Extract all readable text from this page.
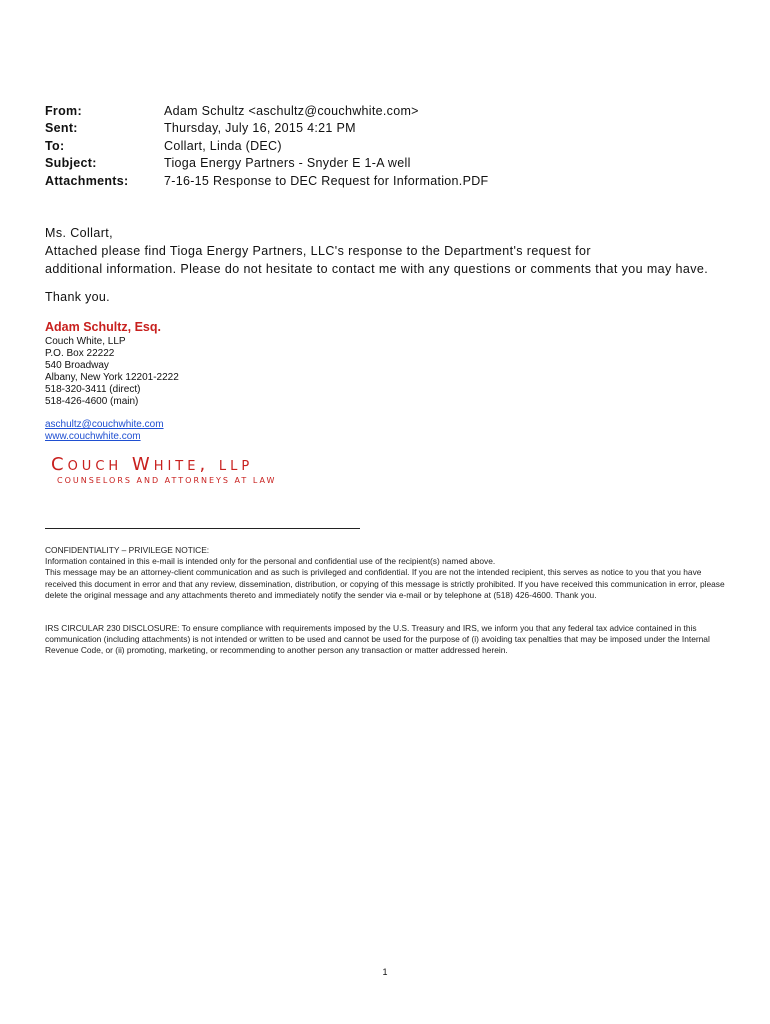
From:	Adam Schultz <aschultz@couchwhite.com>
Sent:	Thursday, July 16, 2015 4:21 PM
To:	Collart, Linda (DEC)
Subject:	Tioga Energy Partners - Snyder E 1-A well
Attachments:	7-16-15 Response to DEC Request for Information.PDF

Ms. Collart,

Attached please find Tioga Energy Partners, LLC's response to the Department's request for

additional information. Please do not hesitate to contact me with any questions or comments that you may have.

Thank you.
Adam Schultz, Esq.
Couch White, LLP
P.O. Box 22222
540 Broadway
Albany, New York 12201-2222
518-320-3411 (direct)
518-426-4600 (main)
aschultz@couchwhite.com
www.couchwhite.com
Couch White, llp
COUNSELORS AND ATTORNEYS AT LAW
CONFIDENTIALITY – PRIVILEGE NOTICE:
Information contained in this e-mail is intended only for the personal and confidential use of the recipient(s) named above.
This message may be an attorney-client communication and as such is privileged and confidential. If you are not the intended recipient, this serves as notice to you that you have received this document in error and that any review, dissemination, distribution, or copying of this message is strictly prohibited. If you have received this communication in error, please delete the original message and any attachments thereto and immediately notify the sender via e-mail or by telephone at (518) 426-4600. Thank you.
IRS CIRCULAR 230 DISCLOSURE: To ensure compliance with requirements imposed by the U.S. Treasury and IRS, we inform you that any federal tax advice contained in this communication (including attachments) is not intended or written to be used and cannot be used for the purpose of (i) avoiding tax penalties that may be imposed under the Internal Revenue Code, or (ii) promoting, marketing, or recommending to another person any transaction or matter addressed herein.
1
